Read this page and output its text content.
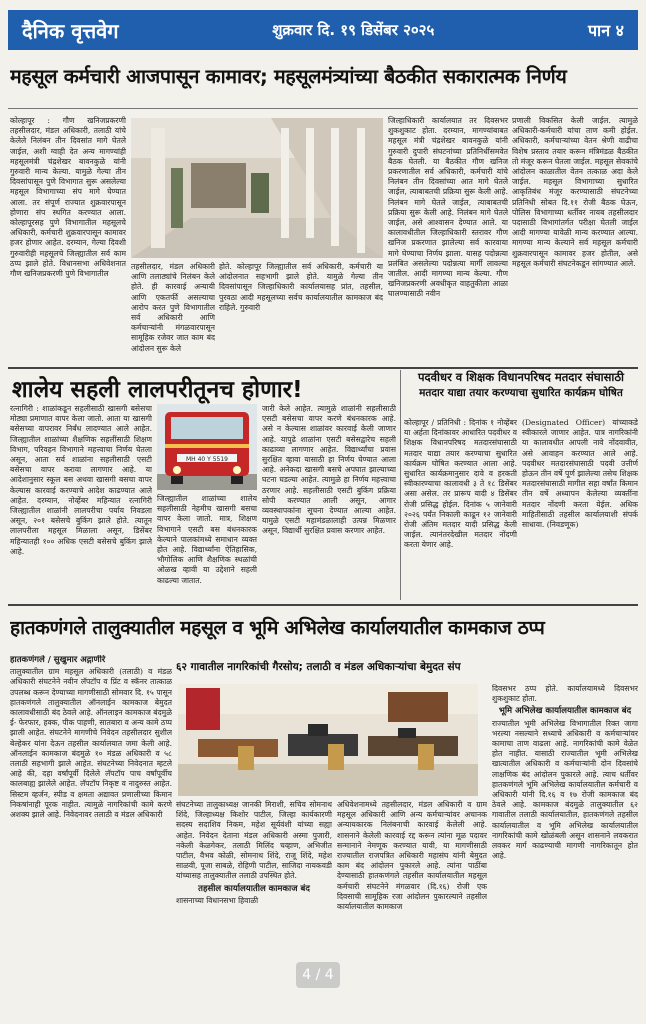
दैनिक वृत्तवेग	शुक्रवार दि. १९ डिसेंबर २०२५	पान ४
महसूल कर्मचारी आजपासून कामावर; महसूलमंत्र्यांच्या बैठकीत सकारात्मक निर्णय
कोल्हापूर : गौण खनिजप्रकरणी तहसीलदार, मंडल अधिकारी, तलाठी यांचे केलेले निलंबन तीन दिवसांत मागे घेतले जाईल, अशी ग्वाही देत अन्य मागण्यांही महसूलमंत्री चंद्रशेखर बावनकुळे यांनी गुरुवारी मान्य केल्या. यामुळे गेल्या तीन दिवसांपासून पुणे विभागात सुरू असलेल्या महसूल विभागाच्या संप मागे घेण्यात आला. तर संपूर्ण राज्यात शुक्रवारपासून होणारा संप स्थगित करण्यात आला. कोल्हापूरसह पुणे विभागातील महसूलचे अधिकारी, कर्मचारी शुक्रवारपासून कामावर हजर होणार आहेत. दरम्यान, गेल्या दिवशी गुरुवारीही महसूलचे जिल्ह्यातील सर्व काम ठप्प झाले होते. विधानसभा अधिवेशनात गौण खनिजप्रकरणी पुणे विभागातील
तहसीलदार, मंडल अधिकारी आणि तलाठ्यांचे निलंबन केले होते. ही कारवाई अन्यायी आणि एकतर्फी असल्याचा आरोप करत पुणे विभागातील सर्व अधिकारी आणि कर्मचाऱ्यांनी मंगळवारपासून सामूहिक रजेवर जात काम बंद आंदोलन सुरू केले
होते. कोल्हापूर जिल्ह्यातील सर्व अधिकारी, कर्मचारी या आंदोलनात सहभागी झाले होते. यामुळे गेल्या तीन दिवसांपासून जिल्हाधिकारी कार्यालयासह प्रांत, तहसील, पुरवठा आदी महसूलच्या सर्वच कार्यालयातील कामकाज बंद राहिले. गुरुवारी
जिल्हाधिकारी कार्यालयात तर दिवसभर शुकशुकाट होता. दरम्यान, मागण्यांबाबत महसूल मंत्री चंद्रशेखर बावनकुळे यांनी गुरुवारी दुपारी संघटनांच्या प्रतिनिधींसमवेत बैठक घेतली. या बैठकीत गौण खनिज प्रकरणातील सर्व अधिकारी, कर्मचारी यांचे निलंबन तीन दिवसांच्या आत मागे घेतले जाईल, त्याबाबतची प्रक्रिया सुरू केली आहे. निलंबन मागे घेतले जाईल, त्याबाबतची प्रक्रिया सुरू केली आहे. निलंबन मागे घेतले जाईल, असे आश्वासन देण्यात आले. या कालावधीतील जिल्हाधिकारी स्तरावर गौण खनिज प्रकरणात झालेल्या सर्व कारवाया मागे घेण्याचा निर्णय झाला. यासह पदोन्नत्या प्रलंबित असलेल्या पदोन्नत्या मार्गी लावल्या जातील. आदी मागण्या मान्य केल्या. गौण खनिजप्रकरणी अवधीकृत वाहतुकीला आळा घालण्यासाठी नवीन
प्रणाली विकसित केली जाईल. त्यामुळे अधिकारी-कर्मचारी यांचा ताण कमी होईल. अधिकारी, कर्मचाऱ्यांच्या वेतन श्रेणी वाढीचा विशेष प्रस्ताव तयार करून मंत्रिमंडळ बैठकीत तो मंजूर करून घेतला जाईल. महसूल सेवकांचे आंदोलन काळातील वेतन तत्काळ अदा केले जाईल. महसूल विभागाच्या सुधारित आकृतिबंध मंजूर करण्यासाठी संघटनेच्या प्रतिनिधी सोबत दि.११ रोजी बैठक घेऊन, पोलिस विभागाच्या धर्तीवर नायब तहसीलदार पदासाठी विभागांतर्गत परीक्षा घेतली जाईल आदी मागण्या यावेळी मान्य करण्यात आल्या. मागण्या मान्य केल्याने सर्व महसूल कर्मचारी शुक्रवारपासून कामावर हजर होतील, असे महसूल कर्मचारी संघटनेकडून सांगण्यात आले.
शालेय सहली लालपरीतूनच होणार!
रत्नागिरी : शाळांकडून सहलीसाठी खासगी बसेसचा मोठ्या प्रमाणात वापर केला जातो. आता या खासगी बसेसच्या वापरावर निर्बंध लादण्यात आले आहेत. जिल्ह्यातील शाळांच्या शैक्षणिक सहलींसाठी शिक्षण विभाग, परिवहन विभागाने महत्त्वाचा निर्णय घेतला असून, आता सर्व शाळांना सहलीसाठी एसटी बसेसचा वापर करावा लागणार आहे. या आदेशानुसार स्कूल बस अथवा खासगी बसचा वापर केल्यास कारवाई करण्याचे आदेश काढण्यात आले आहेत. दरम्यान, नोव्हेंबर महिन्यात रत्नागिरी जिल्ह्यातील शाळांनी लालपरीचा पर्याय निवडला असून, २०१ बसेसचे बुकिंग झाले होते. त्यातून लालपरीला महसूल मिळाला असून, डिसेंबर महिन्यातही १०० अधिक एसटी बसेसचे बुकिंग झाले आहे.
MH 40 Y 5519
जिल्ह्यातील शाळांच्या शालेय सहलीसाठी नेहमीच खासगी बसचा वापर केला जातो. मात्र, शिक्षण विभागाने एसटी बस बंधनकारक केल्याने पालकांमध्ये समाधान व्यक्त होत आहे. विद्यार्थ्यांना ऐतिहासिक, भौगोलिक आणि शैक्षणिक स्थळांची ओळख व्हावी या उद्देशाने सहली काढल्या जातात.
जारी केले आहेत. त्यामुळे शाळांनी सहलीसाठी एसटी बसेसचा वापर करणे बंधनकारक आहे. असे न केल्यास शाळांवर कारवाई केली जाणार आहे. यापुढे शाळांना एसटी बसेसद्वारेच सहली काढाव्या लागणार आहेत. विद्यार्थ्यांचा प्रवास सुरक्षित व्हावा यासाठी हा निर्णय घेण्यात आला आहे. अनेकदा खासगी बसचे अपघात झाल्याच्या घटना घडल्या आहेत. त्यामुळे हा निर्णय महत्त्वाचा ठरणार आहे. सहलीसाठी एसटी बुकिंग प्रक्रिया सोपी करण्यात आली असून, आगार व्यवस्थापकांना सूचना देण्यात आल्या आहेत. यामुळे एसटी महामंडळालाही उत्पन्न मिळणार असून, विद्यार्थी सुरक्षित प्रवास करणार आहेत.
पदवीधर व शिक्षक विधानपरिषद मतदार संघासाठी
मतदार याद्या तयार करण्याचा सुधारित कार्यक्रम घोषित
कोल्हापूर / प्रतिनिधी : दिनांक १ नोव्हेंबर या अर्हता दिनांकावर आधारित पदवीधर व शिक्षक विधानपरिषद मतदारसंघासाठी मतदार याद्या तयार करण्याचा सुधारित कार्यक्रम घोषित करण्यात आला आहे. सुधारित कार्यक्रमानुसार दावे व हरकती स्वीकारण्याचा कालावधी ३ ते १८ डिसेंबर असा असेल. तर प्रारूप यादी ४ डिसेंबर रोजी प्रसिद्ध होईल. दिनांक ५ जानेवारी २०२६ पर्यंत निकाली काढून १२ जानेवारी रोजी अंतिम मतदार यादी प्रसिद्ध केली जाईल. त्यानंतरदेखील मतदार नोंदणी करता येणार आहे.
(Designated Officer) यांच्याकडे स्वीकारले जाणार आहेत. पात्र नागरिकांनी या कालावधीत आपली नावे नोंदवावीत, असे आवाहन करण्यात आले आहे. पदवीधर मतदारसंघासाठी पदवी उत्तीर्ण होऊन तीन वर्षे पूर्ण झालेल्या तसेच शिक्षक मतदारसंघासाठी मागील सहा वर्षांत किमान तीन वर्षे अध्यापन केलेल्या व्यक्तींना मतदार नोंदणी करता येईल. अधिक माहितीसाठी तहसील कार्यालयाशी संपर्क साधावा. (निवडणूक)
हातकणंगले तालुक्यातील महसूल व भूमि अभिलेख कार्यालयातील कामकाज ठप्प
हातकणंगले / सुखुमार अद्गाणीरे
तालुक्यातील ग्राम महसूल अधिकारी (तलाठी) व मंडळ अधिकारी संघटनेने नवीन लॅपटॉप व प्रिंट व स्कॅनर तात्काळ उपलब्ध करून देण्याच्या मागणीसाठी सोमवार दि. १५ पासून हातकणंगले तालुक्यातील ऑनलाईन कामकाज बेमुदत कालावधीसाठी बंद ठेवले आहे. ऑनलाइन कामकाज बंदमुळे ई- फेरफार, हक्क, पीक पाहणी, सातबारा व अन्य कामे ठप्प झाली आहेत. संघटनेने मागणीचे निवेदन तहसीलदार सुशील बेल्हेकर यांना देऊन तहसील कार्यालयात जमा केली आहे. ऑनलाईन कामकाज बंदमुळे १० मंडळ अधिकारी व ५८ तलाठी सहभागी झाले आहेत. संघटनेच्या निवेदनात म्हटले आहे की, दहा वर्षांपूर्वी दिलेले लॅपटॉप पाच वर्षांपूर्वीच कालबाह्य झालेले आहेत. लॅपटॉप निकृष्ट व नादुरुस्त आहेत. सिस्टम व्हर्जन, स्पीड व क्षमता अद्यावत प्रणालीच्या किमान निकषांनाही पूरक नाहीत. त्यामुळे नागरिकांची कामे करणे अशक्य झाले आहे. निवेदनावर तलाठी व मंडल अधिकारी
६२ गावातील नागरिकांची गैरसोय; तलाठी व मंडल अधिकाऱ्यांचा बेमुदत संप
संघटनेच्या तालुकाध्यक्ष जानकी मिराशी, सचिव सोमनाथ शिंदे, जिल्हाध्यक्ष किशोर पाटील, जिल्हा कार्यकारणी सदस्य सदाशिव निकम, महेश सूर्यवंशी यांच्या सह्या आहेत. निवेदन देताना मंडल अधिकारी अस्मा पुजारी, नकेली केळगेकर, तलाठी मिलिंद चव्हाण, अभिजीत पाटील, वैभव कोळी, सोमनाथ शिंदे, राजू शिंदे, महेश साळवी, पूजा साबळे, रोहिणी पाटील, साजिदा नायकवडी यांच्यासह तालुक्यातील तलाठी उपस्थित होते.
तहसील कार्यालयातील कामकाज बंद
शासनाच्या विधानसभा हिवाळी
अधिवेशनामध्ये तहसीलदार, मंडल अधिकारी व ग्राम महसूल अधिकारी आणि अन्य कर्मचाऱ्यांवर अचानक अन्यायकारक निलंबनाची कारवाई केलेली आहे. शासनाने केलेली कारवाई रद्द करून त्यांना मूळ पदावर सन्मानाने नेमणूक करण्यात यावी, या मागणीसाठी राज्यातील राजपत्रित अधिकारी महासंघ यांनी बेमुदत काम बंद आंदोलन पुकारले आहे. त्यांना पाठींबा देण्यासाठी हातकणंगले तहसील कार्यालयातील महसूल कर्मचारी संघटनेने मंगळवार (दि.१६) रोजी एक दिवसाची सामूहिक रजा आंदोलन पुकारल्याने तहसील कार्यालयातील कामकाज
दिवसभर ठप्प होते. कार्यालयामध्ये दिवसभर शुकशुकाट होता.
भूमि अभिलेख कार्यालयातील कामकाज बंद
राज्यातील भूमी अभिलेख विभागातील रिक्त जागा भरल्या नसल्याने सध्याचे अधिकारी व कर्मचाऱ्यांवर कामाचा ताण वाढला आहे. नागरिकांची कामे वेळेत होत नाहीत. यासाठी राज्यातील भूमी अभिलेख खात्यातील अधिकारी व कर्मचाऱ्यांनी दोन दिवसांचे लाक्षणिक बंद आंदोलन पुकारले आहे. त्याच धर्तीवर हातकणंगले भूमि अभिलेख कार्यालयातील कर्मचारी व अधिकारी यांनी दि.१६ व १७ रोजी कामकाज बंद ठेवले आहे. कामकाज बंदमुळे तालुक्यातील ६२ गावातील तलाठी कार्यालयातील, हातकणंगले तहसील कार्यालयातील व भूमि अभिलेख कार्यालयातील नागरिकांची कामे खोळंबली असून शासनाने लवकरात लवकर मार्ग काढण्याची मागणी नागरिकातून होत आहे.
4 / 4
